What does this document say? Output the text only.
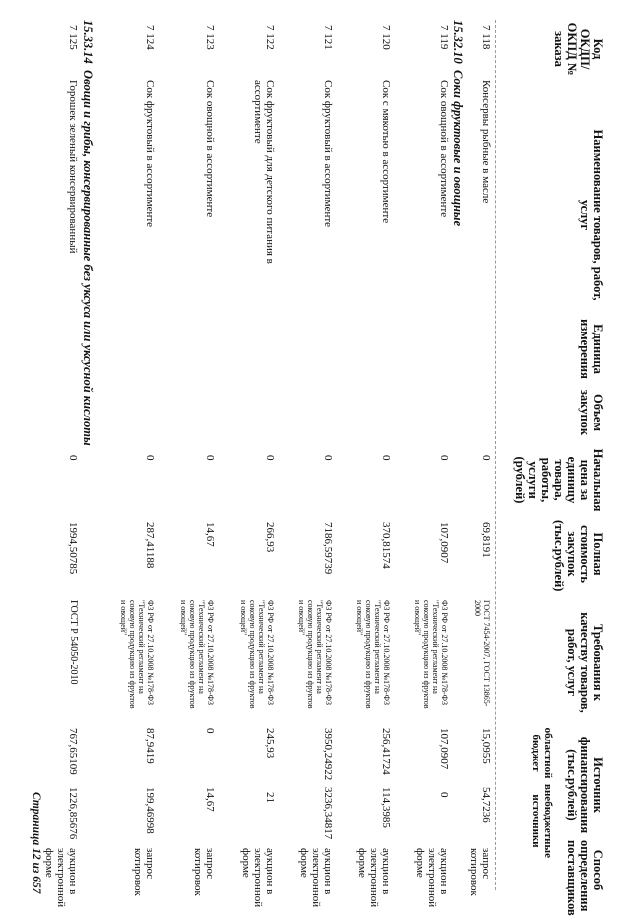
Код ОКДП/ ОКПД № заказа
Наименование товаров, работ, услуг
Единица измерения
Объем закупок
Начальная цена за единицу товара, работы, услуги (рублей)
Полная стоимость закупок (тыс.рублей)
Требования к качеству товаров, работ, услуг
Источник финансирования (тыс.рублей)
областной бюджет
внебюджетные источники
Способ определения поставщиков
7 118
Консервы рыбные в масле
0
69,8191
ГОСТ 7454-2007, ГОСТ 13865-2000
15,0955
54,7236
запрос котировок
15.32.10  Соки фруктовые и овощные
7 119
Сок овощной в ассортименте
0
107,0907
ФЗ РФ от 27.10.2008 №178-ФЗ "Технический регламент на соковую продукцию из фруктов и овощей"
107,0907
0
аукцион в электронной форме
7 120
Сок с мякотью в ассортименте
0
370,81574
ФЗ РФ от 27.10.2008 №178-ФЗ "Технический регламент на соковую продукцию из фруктов и овощей"
256,41724
114,3985
аукцион в электронной форме
7 121
Сок фруктовый в ассортименте
0
7186,59739
ФЗ РФ от 27.10.2008 №178-ФЗ "Технический регламент на соковую продукцию из фруктов и овощей"
3950,24922
3236,34817
аукцион в электронной форме
7 122
Сок фруктовый для детского питания в ассортименте
0
266,93
ФЗ РФ от 27.10.2008 №178-ФЗ "Технический регламент на соковую продукцию из фруктов и овощей"
245,93
21
аукцион в электронной форме
7 123
Сок овощной в ассортименте
0
14,67
ФЗ РФ от 27.10.2008 №178-ФЗ "Технический регламент на соковую продукцию из фруктов и овощей"
0
14,67
запрос котировок
7 124
Сок фруктовый в ассортименте
0
287,41188
ФЗ РФ от 27.10.2008 №178-ФЗ "Технический регламент на соковую продукцию из фруктов и овощей"
87,9419
199,46998
запрос котировок
15.33.14  Овощи и грибы, консервированные без уксуса или уксусной кислоты
7 125
Горошек зеленый консервированный
0
1994,50785
ГОСТ Р 54050-2010
767,65109
1226,85676
аукцион в электронной форме
Страница 12 из 657
